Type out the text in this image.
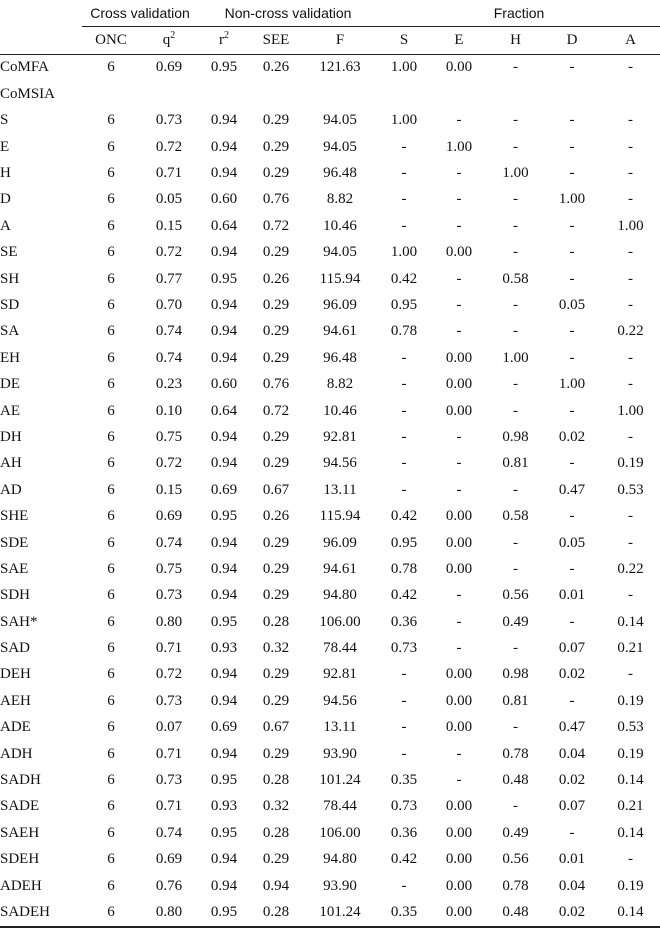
	Cross validation		Non-cross validation			Fraction				
	ONC	$q^2$	$r^2$	SEE	F	S	E	H	D	A
CoMFA	6	0.69	0.95	0.26	121.63	1.00	0.00	-	-	-
CoMSIA										
S	6	0.73	0.94	0.29	94.05	1.00	-	-	-	-
E	6	0.72	0.94	0.29	94.05	-	1.00	-	-	-
H	6	0.71	0.94	0.29	96.48	-	-	1.00	-	-
D	6	0.05	0.60	0.76	8.82	-	-	-	1.00	-
A	6	0.15	0.64	0.72	10.46	-	-	-	-	1.00
SE	6	0.72	0.94	0.29	94.05	1.00	0.00	-	-	-
SH	6	0.77	0.95	0.26	115.94	0.42	-	0.58	-	-
SD	6	0.70	0.94	0.29	96.09	0.95	-	-	0.05	-
SA	6	0.74	0.94	0.29	94.61	0.78	-	-	-	0.22
EH	6	0.74	0.94	0.29	96.48	-	0.00	1.00	-	-
DE	6	0.23	0.60	0.76	8.82	-	0.00	-	1.00	-
AE	6	0.10	0.64	0.72	10.46	-	0.00	-	-	1.00
DH	6	0.75	0.94	0.29	92.81	-	-	0.98	0.02	-
AH	6	0.72	0.94	0.29	94.56	-	-	0.81	-	0.19
AD	6	0.15	0.69	0.67	13.11	-	-	-	0.47	0.53
SHE	6	0.69	0.95	0.26	115.94	0.42	0.00	0.58	-	-
SDE	6	0.74	0.94	0.29	96.09	0.95	0.00	-	0.05	-
SAE	6	0.75	0.94	0.29	94.61	0.78	0.00	-	-	0.22
SDH	6	0.73	0.94	0.29	94.80	0.42	-	0.56	0.01	-
SAH*	6	0.80	0.95	0.28	106.00	0.36	-	0.49	-	0.14
SAD	6	0.71	0.93	0.32	78.44	0.73	-	-	0.07	0.21
DEH	6	0.72	0.94	0.29	92.81	-	0.00	0.98	0.02	-
AEH	6	0.73	0.94	0.29	94.56	-	0.00	0.81	-	0.19
ADE	6	0.07	0.69	0.67	13.11	-	0.00	-	0.47	0.53
ADH	6	0.71	0.94	0.29	93.90	-	-	0.78	0.04	0.19
SADH	6	0.73	0.95	0.28	101.24	0.35	-	0.48	0.02	0.14
SADE	6	0.71	0.93	0.32	78.44	0.73	0.00	-	0.07	0.21
SAEH	6	0.74	0.95	0.28	106.00	0.36	0.00	0.49	-	0.14
SDEH	6	0.69	0.94	0.29	94.80	0.42	0.00	0.56	0.01	-
ADEH	6	0.76	0.94	0.94	93.90	-	0.00	0.78	0.04	0.19
SADEH	6	0.80	0.95	0.28	101.24	0.35	0.00	0.48	0.02	0.14
